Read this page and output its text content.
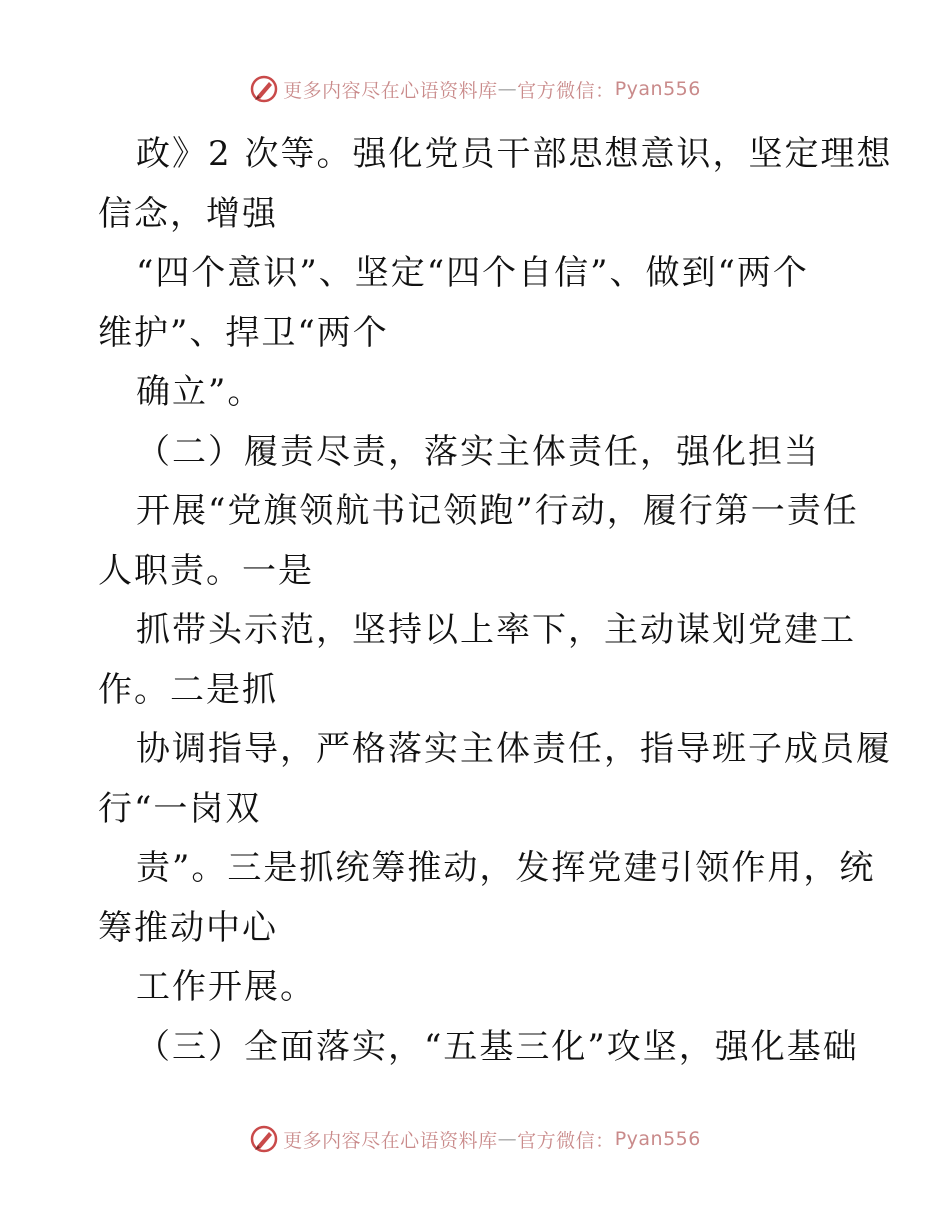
更多内容尽在心语资料库 — 官方微信： Pyan556
政》2 次等。强化党员干部思想意识，坚定理想
信念，增强
“四个意识”、坚定“四个自信”、做到“两个
维护”、捍卫“两个
确立”。
（二）履责尽责，落实主体责任，强化担当
开展“党旗领航书记领跑”行动，履行第一责任
人职责。一是
抓带头示范，坚持以上率下，主动谋划党建工
作。二是抓
协调指导，严格落实主体责任，指导班子成员履
行“一岗双
责”。三是抓统筹推动，发挥党建引领作用，统
筹推动中心
工作开展。
（三）全面落实，“五基三化”攻坚，强化基础
更多内容尽在心语资料库 — 官方微信： Pyan556
